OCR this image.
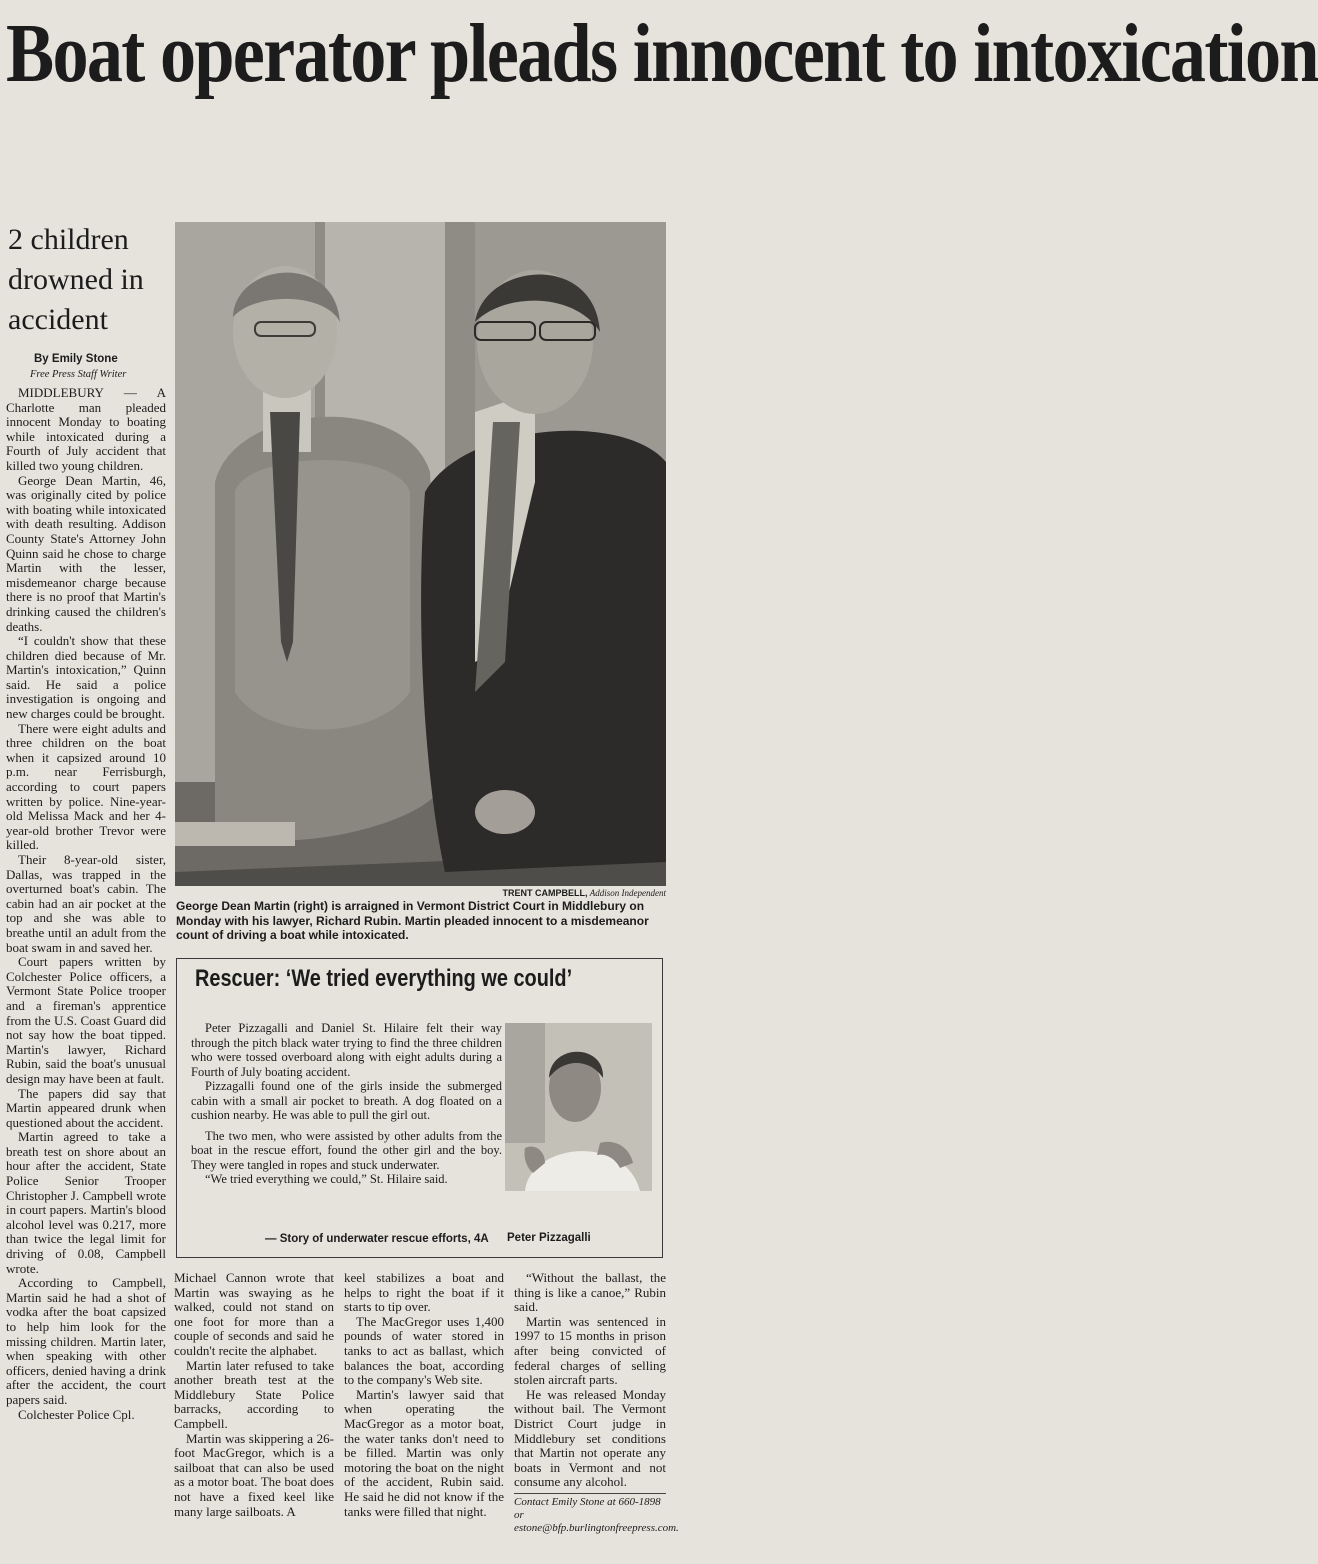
Boat operator pleads innocent to intoxication
2 children drowned in accident
By Emily Stone
Free Press Staff Writer

MIDDLEBURY — A Charlotte man pleaded innocent Monday to boating while intoxicated during a Fourth of July accident that killed two young children.

George Dean Martin, 46, was originally cited by police with boating while intoxicated with death resulting. Addison County State's Attorney John Quinn said he chose to charge Martin with the lesser, misdemeanor charge because there is no proof that Martin's drinking caused the children's deaths.

“I couldn't show that these children died because of Mr. Martin's intoxication,” Quinn said. He said a police investigation is ongoing and new charges could be brought.

There were eight adults and three children on the boat when it capsized around 10 p.m. near Ferrisburgh, according to court papers written by police. Nine-year-old Melissa Mack and her 4-year-old brother Trevor were killed.

Their 8-year-old sister, Dallas, was trapped in the overturned boat's cabin. The cabin had an air pocket at the top and she was able to breathe until an adult from the boat swam in and saved her.

Court papers written by Colchester Police officers, a Vermont State Police trooper and a fireman's apprentice from the U.S. Coast Guard did not say how the boat tipped. Martin's lawyer, Richard Rubin, said the boat's unusual design may have been at fault.

The papers did say that Martin appeared drunk when questioned about the accident.

Martin agreed to take a breath test on shore about an hour after the accident, State Police Senior Trooper Christopher J. Campbell wrote in court papers. Martin's blood alcohol level was 0.217, more than twice the legal limit for driving of 0.08, Campbell wrote.

According to Campbell, Martin said he had a shot of vodka after the boat capsized to help him look for the missing children. Martin later, when speaking with other officers, denied having a drink after the accident, the court papers said.

Colchester Police Cpl.

TRENT CAMPBELL, Addison Independent

George Dean Martin (right) is arraigned in Vermont District Court in Middlebury on Monday with his lawyer, Richard Rubin. Martin pleaded innocent to a misdemeanor count of driving a boat while intoxicated.

Rescuer: ‘We tried everything we could’

Peter Pizzagalli and Daniel St. Hilaire felt their way through the pitch black water trying to find the three children who were tossed overboard along with eight adults during a Fourth of July boating accident.

Pizzagalli found one of the girls inside the submerged cabin with a small air pocket to breath. A dog floated on a cushion nearby. He was able to pull the girl out.

The two men, who were assisted by other adults from the boat in the rescue effort, found the other girl and the boy. They were tangled in ropes and stuck underwater.

“We tried everything we could,” St. Hilaire said.

— Story of underwater rescue efforts, 4A Peter Pizzagalli

Michael Cannon wrote that Martin was swaying as he walked, could not stand on one foot for more than a couple of seconds and said he couldn't recite the alphabet.

Martin later refused to take another breath test at the Middlebury State Police barracks, according to Campbell.

Martin was skippering a 26-foot MacGregor, which is a sailboat that can also be used as a motor boat. The boat does not have a fixed keel like many large sailboats. A

keel stabilizes a boat and helps to right the boat if it starts to tip over.

The MacGregor uses 1,400 pounds of water stored in tanks to act as ballast, which balances the boat, according to the company's Web site.

Martin's lawyer said that when operating the MacGregor as a motor boat, the water tanks don't need to be filled. Martin was only motoring the boat on the night of the accident, Rubin said. He said he did not know if the tanks were filled that night.

“Without the ballast, the thing is like a canoe,” Rubin said.

Martin was sentenced in 1997 to 15 months in prison after being convicted of federal charges of selling stolen aircraft parts.

He was released Monday without bail. The Vermont District Court judge in Middlebury set conditions that Martin not operate any boats in Vermont and not consume any alcohol.

Contact Emily Stone at 660-1898 or estone@bfp.burlingtonfreepress.com.
